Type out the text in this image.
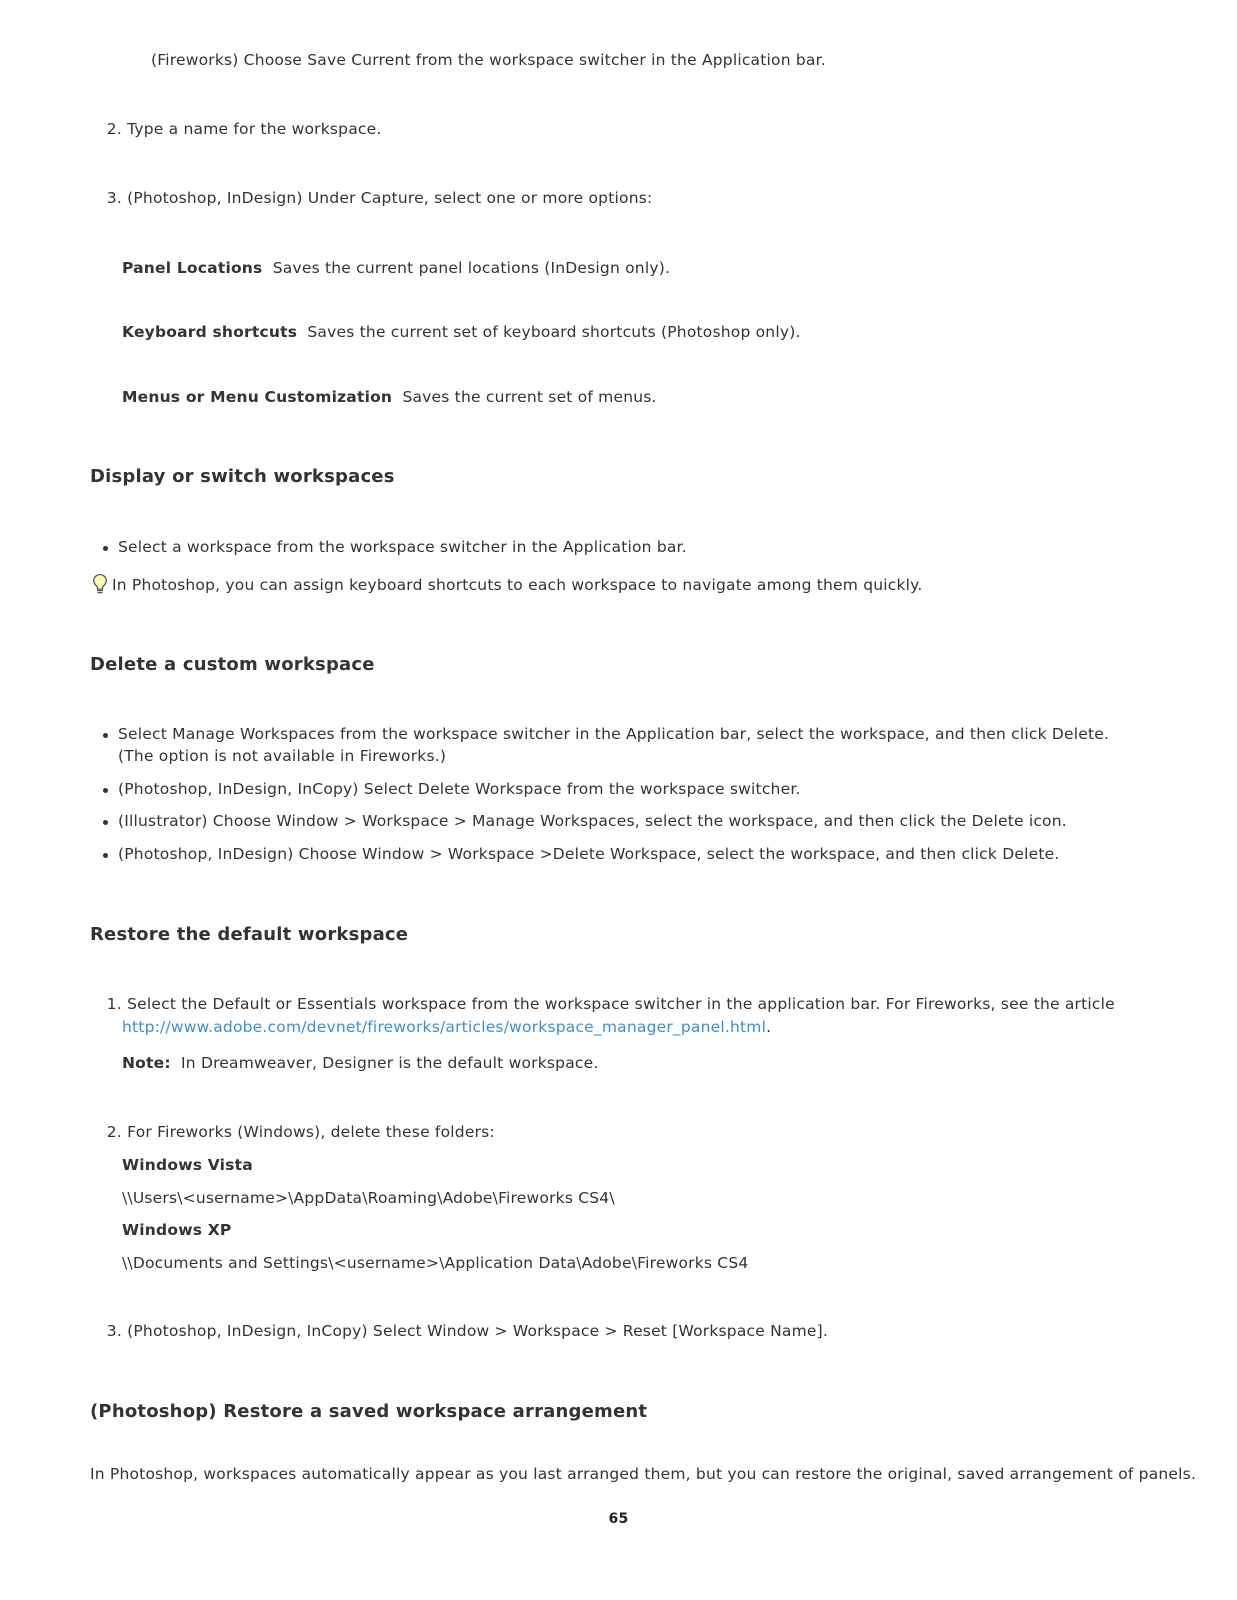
(Fireworks) Choose Save Current from the workspace switcher in the Application bar.
2. Type a name for the workspace.
3. (Photoshop, InDesign) Under Capture, select one or more options:
Panel Locations Saves the current panel locations (InDesign only).
Keyboard shortcuts Saves the current set of keyboard shortcuts (Photoshop only).
Menus or Menu Customization Saves the current set of menus.
Display or switch workspaces
Select a workspace from the workspace switcher in the Application bar.
In Photoshop, you can assign keyboard shortcuts to each workspace to navigate among them quickly.
Delete a custom workspace
Select Manage Workspaces from the workspace switcher in the Application bar, select the workspace, and then click Delete. (The option is not available in Fireworks.)
(Photoshop, InDesign, InCopy) Select Delete Workspace from the workspace switcher.
(Illustrator) Choose Window > Workspace > Manage Workspaces, select the workspace, and then click the Delete icon.
(Photoshop, InDesign) Choose Window > Workspace >Delete Workspace, select the workspace, and then click Delete.
Restore the default workspace
1. Select the Default or Essentials workspace from the workspace switcher in the application bar. For Fireworks, see the article
http://www.adobe.com/devnet/fireworks/articles/workspace_manager_panel.html.
Note: In Dreamweaver, Designer is the default workspace.
2. For Fireworks (Windows), delete these folders:
Windows Vista
\\Users\<username>\AppData\Roaming\Adobe\Fireworks CS4\
Windows XP
\\Documents and Settings\<username>\Application Data\Adobe\Fireworks CS4
3. (Photoshop, InDesign, InCopy) Select Window > Workspace > Reset [Workspace Name].
(Photoshop) Restore a saved workspace arrangement
In Photoshop, workspaces automatically appear as you last arranged them, but you can restore the original, saved arrangement of panels.
65
